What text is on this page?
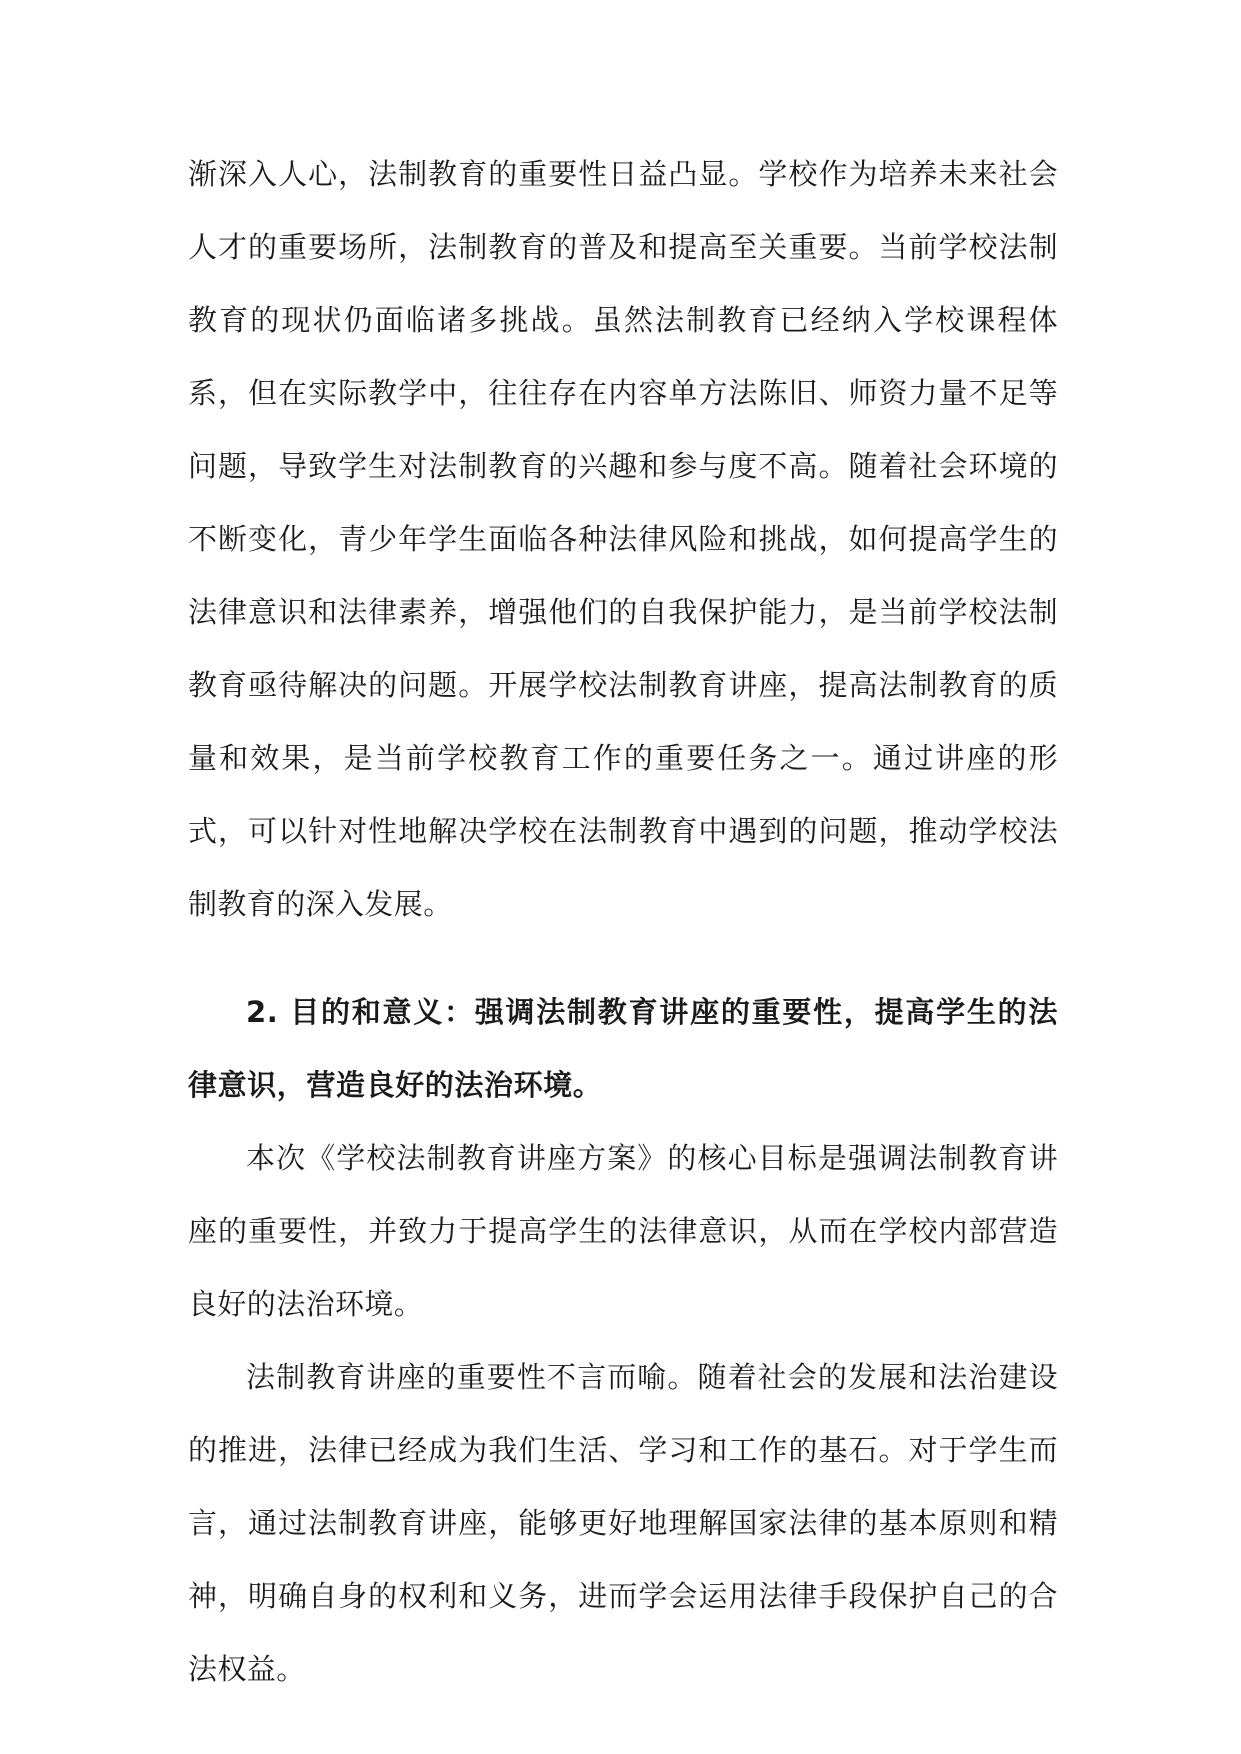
渐深入人心，法制教育的重要性日益凸显。学校作为培养未来社会人才的重要场所，法制教育的普及和提高至关重要。当前学校法制教育的现状仍面临诸多挑战。虽然法制教育已经纳入学校课程体系，但在实际教学中，往往存在内容单方法陈旧、师资力量不足等问题，导致学生对法制教育的兴趣和参与度不高。随着社会环境的不断变化，青少年学生面临各种法律风险和挑战，如何提高学生的法律意识和法律素养，增强他们的自我保护能力，是当前学校法制教育亟待解决的问题。开展学校法制教育讲座，提高法制教育的质量和效果，是当前学校教育工作的重要任务之一。通过讲座的形式，可以针对性地解决学校在法制教育中遇到的问题，推动学校法制教育的深入发展。

2. 目的和意义：强调法制教育讲座的重要性，提高学生的法律意识，营造良好的法治环境。

本次《学校法制教育讲座方案》的核心目标是强调法制教育讲座的重要性，并致力于提高学生的法律意识，从而在学校内部营造良好的法治环境。

法制教育讲座的重要性不言而喻。随着社会的发展和法治建设的推进，法律已经成为我们生活、学习和工作的基石。对于学生而言，通过法制教育讲座，能够更好地理解国家法律的基本原则和精神，明确自身的权利和义务，进而学会运用法律手段保护自己的合法权益。
